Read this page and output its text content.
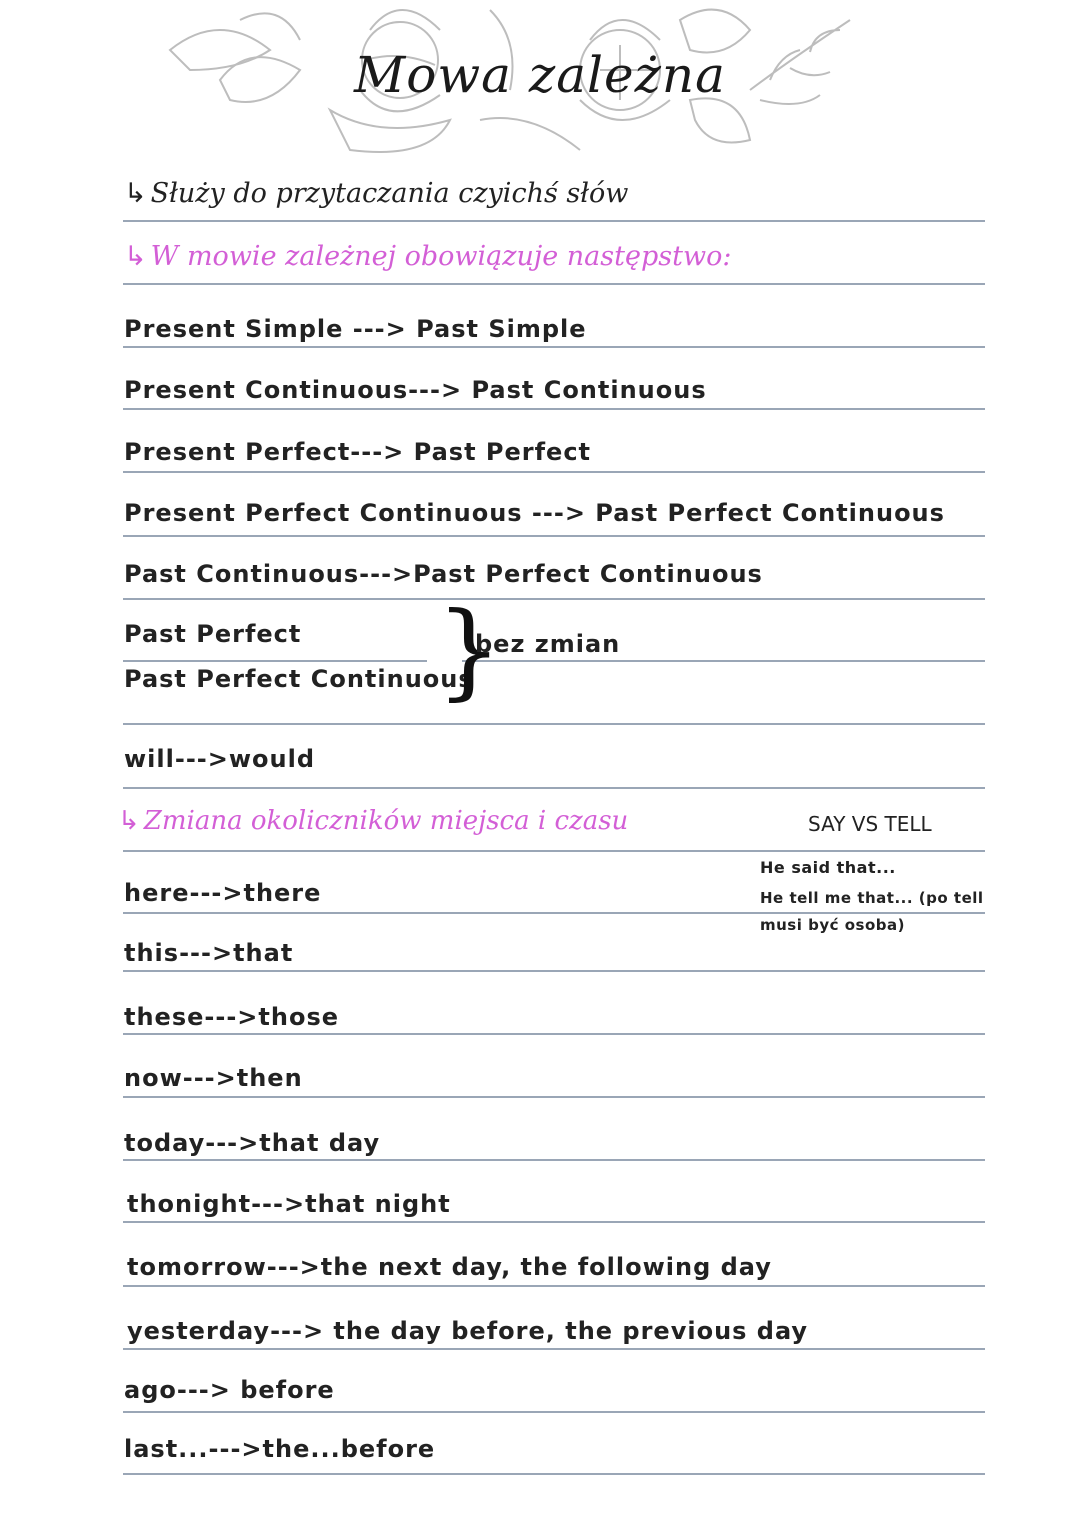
Mowa zależna
↳ Służy do przytaczania czyichś słów
↳ W mowie zależnej obowiązuje następstwo:
Present Simple ---> Past Simple
Present Continuous---> Past Continuous
Present Perfect---> Past Perfect
Present Perfect Continuous ---> Past Perfect Continuous
Past Continuous--->Past Perfect Continuous
Past Perfect
Past Perfect Continuous
}
bez zmian
will--->would
↳ Zmiana okoliczników miejsca i czasu	SAY VS TELL
He said that...
He tell me that... (po tell
musi być osoba)
here--->there
this--->that
these--->those
now--->then
today--->that day
thonight--->that night
tomorrow--->the next day, the following day
yesterday---> the day before, the previous day
ago---> before
last...--->the...before
